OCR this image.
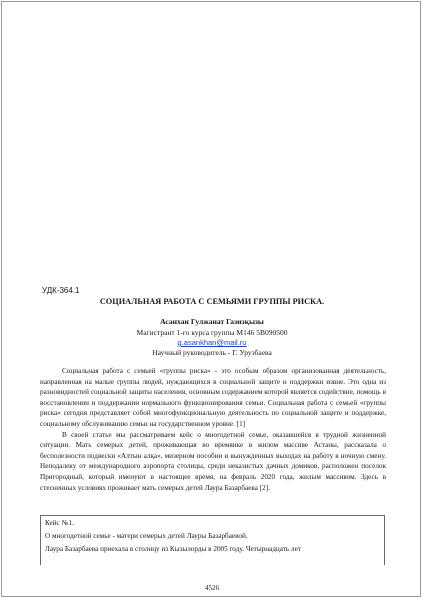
УДК-364.1
СОЦИАЛЬНАЯ РАБОТА С СЕМЬЯМИ ГРУППЫ РИСКА.
Асанхан Гулжанат Газизқызы
Магистрант 1-го курса группы М146 5В090500
g.asankhan@mail.ru
Научный руководитель - Г. Урузбаева

Социальная работа с семьей «группы риска» - это особым образом организованная деятельность, направленная на малые группы людей, нуждающихся в социальной защите и поддержки извне. Это одна из разновидностей социальной защиты населения, основным содержанием которой является содействие, помощь в восстановлении и поддержании нормального функционирования семьи. Социальная работа с семьей «группы риска» сегодня представляет собой многофункциональную деятельность по социальной защите и поддержке, социальному обслуживанию семьи на государственном уровне. [1]

В своей статье мы рассматриваем кейс о многодетной семье, оказавшейся в трудной жизненной ситуации. Мать семерых детей, проживающая во времянке в жилом массиве Астаны, рассказала о бесполезности подвески «Алтын алқа», мизерном пособии и вынужденных выходах на работу в ночную смену. Неподалеку от международного аэропорта столицы, среди неказистых дачных домиков, расположен поселок Пригородный, который именуют в настоящее время, на февраль 2020 года, жилым массивом. Здесь в стесненных условиях проживает мать семерых детей Лаура Базарбаева [2].

Кейс №1.
О многодетной семье - матери семерых детей Лауры Базарбаевой.
Лаура Базарбаева приехала в столицу из Кызылорды в 2005 году. Четырнадцать лет
4526
